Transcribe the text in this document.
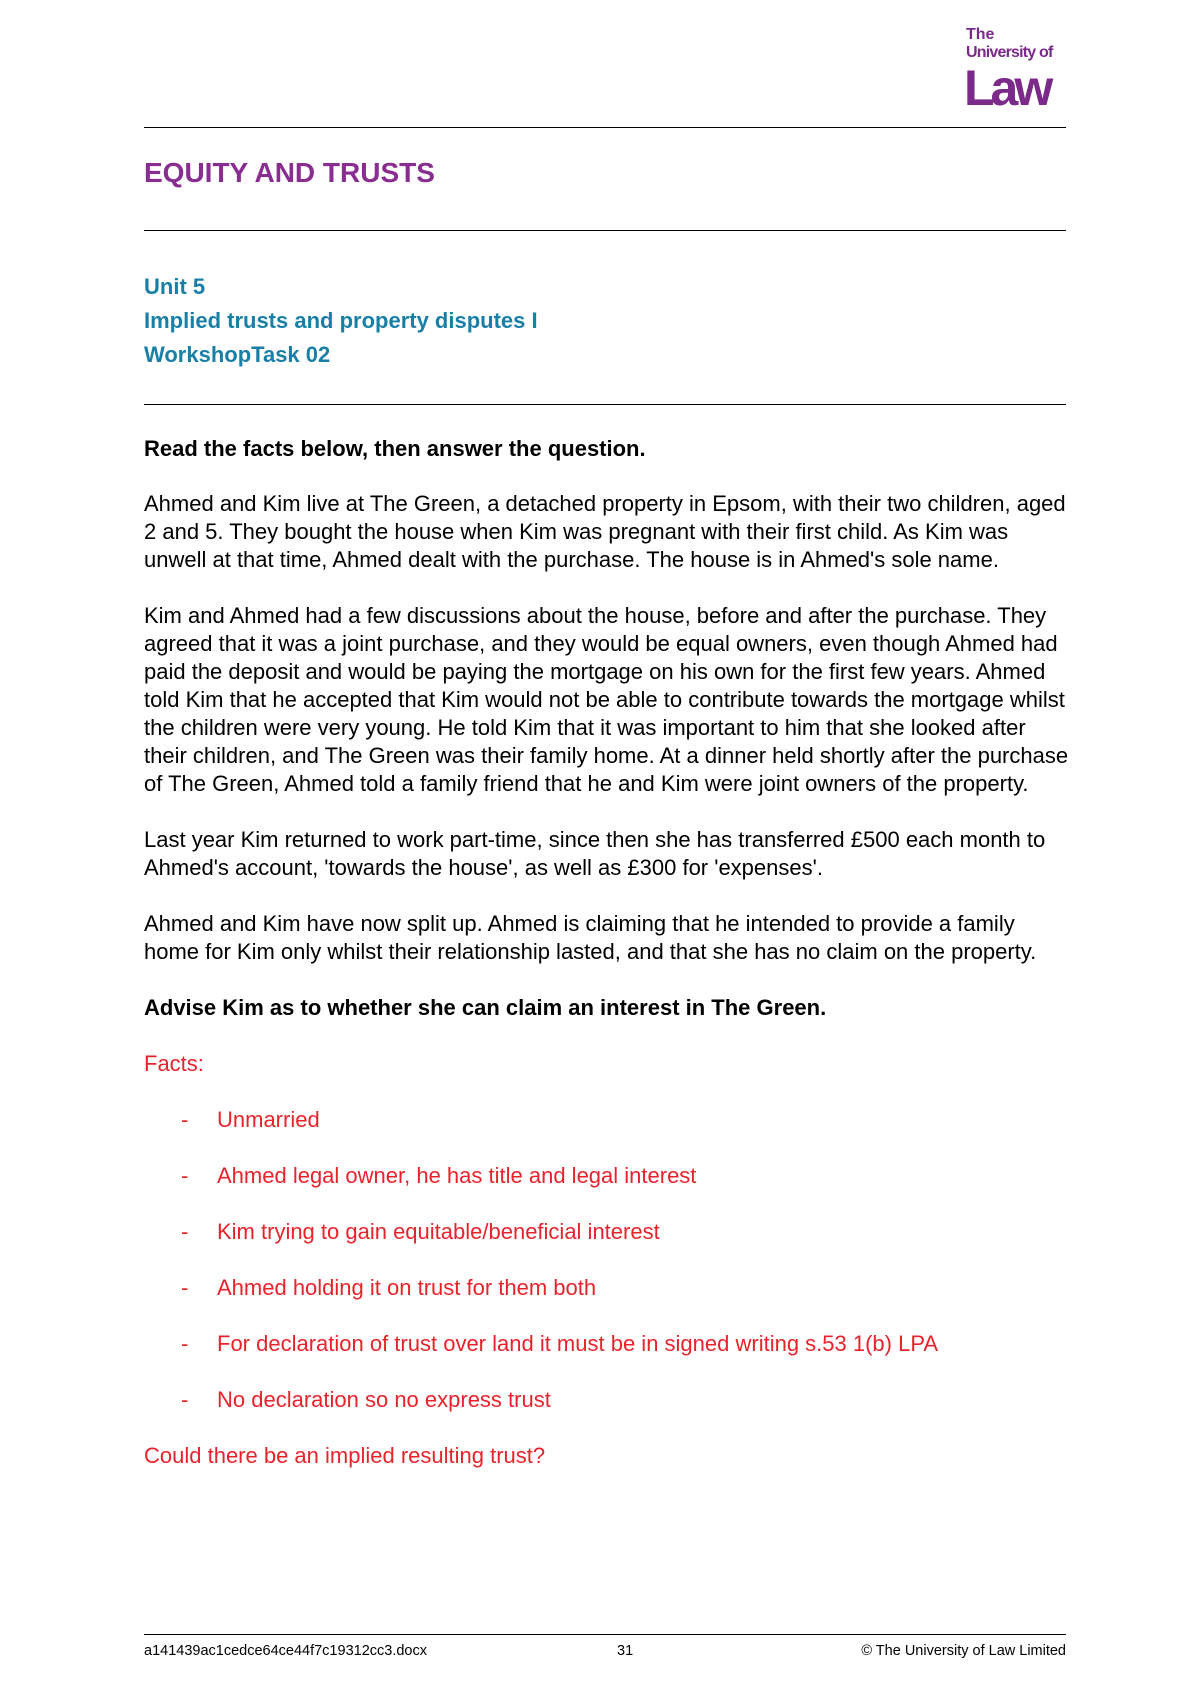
The
University of
Law
EQUITY AND TRUSTS
Unit 5
Implied trusts and property disputes I
WorkshopTask 02

Read the facts below, then answer the question.

Ahmed and Kim live at The Green, a detached property in Epsom, with their two children, aged 2 and 5. They bought the house when Kim was pregnant with their first child. As Kim was unwell at that time, Ahmed dealt with the purchase. The house is in Ahmed's sole name.

Kim and Ahmed had a few discussions about the house, before and after the purchase. They agreed that it was a joint purchase, and they would be equal owners, even though Ahmed had paid the deposit and would be paying the mortgage on his own for the first few years. Ahmed told Kim that he accepted that Kim would not be able to contribute towards the mortgage whilst the children were very young. He told Kim that it was important to him that she looked after their children, and The Green was their family home. At a dinner held shortly after the purchase of The Green, Ahmed told a family friend that he and Kim were joint owners of the property.

Last year Kim returned to work part-time, since then she has transferred £500 each month to Ahmed's account, 'towards the house', as well as £300 for 'expenses'.

Ahmed and Kim have now split up. Ahmed is claiming that he intended to provide a family home for Kim only whilst their relationship lasted, and that she has no claim on the property.

Advise Kim as to whether she can claim an interest in The Green.

Facts:

- Unmarried
- Ahmed legal owner, he has title and legal interest
- Kim trying to gain equitable/beneficial interest
- Ahmed holding it on trust for them both
- For declaration of trust over land it must be in signed writing s.53 1(b) LPA
- No declaration so no express trust

Could there be an implied resulting trust?

a141439ac1cedce64ce44f7c19312cc3.docx	31	© The University of Law Limited
